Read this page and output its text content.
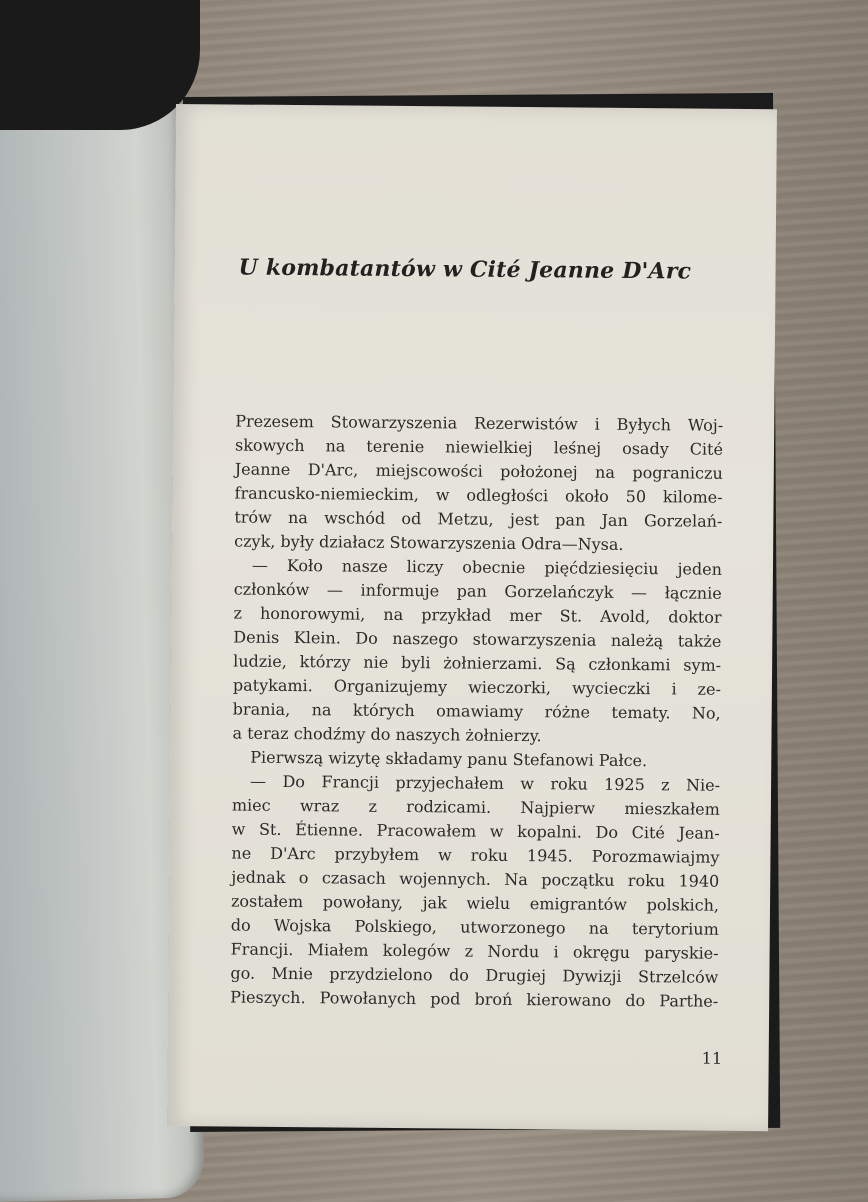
U kombatantów w Cité Jeanne D'Arc
Prezesem Stowarzyszenia Rezerwistów i Byłych Woj-
skowych na terenie niewielkiej leśnej osady Cité
Jeanne D'Arc, miejscowości położonej na pograniczu
francusko-niemieckim, w odległości około 50 kilome-
trów na wschód od Metzu, jest pan Jan Gorzelań-
czyk, były działacz Stowarzyszenia Odra—Nysa.
— Koło nasze liczy obecnie pięćdziesięciu jeden
członków — informuje pan Gorzelańczyk — łącznie
z honorowymi, na przykład mer St. Avold, doktor
Denis Klein. Do naszego stowarzyszenia należą także
ludzie, którzy nie byli żołnierzami. Są członkami sym-
patykami. Organizujemy wieczorki, wycieczki i ze-
brania, na których omawiamy różne tematy. No,
a teraz chodźmy do naszych żołnierzy.
Pierwszą wizytę składamy panu Stefanowi Pałce.
— Do Francji przyjechałem w roku 1925 z Nie-
miec wraz z rodzicami. Najpierw mieszkałem
w St. Étienne. Pracowałem w kopalni. Do Cité Jean-
ne D'Arc przybyłem w roku 1945. Porozmawiajmy
jednak o czasach wojennych. Na początku roku 1940
zostałem powołany, jak wielu emigrantów polskich,
do Wojska Polskiego, utworzonego na terytorium
Francji. Miałem kolegów z Nordu i okręgu paryskie-
go. Mnie przydzielono do Drugiej Dywizji Strzelców
Pieszych. Powołanych pod broń kierowano do Parthe-
11
